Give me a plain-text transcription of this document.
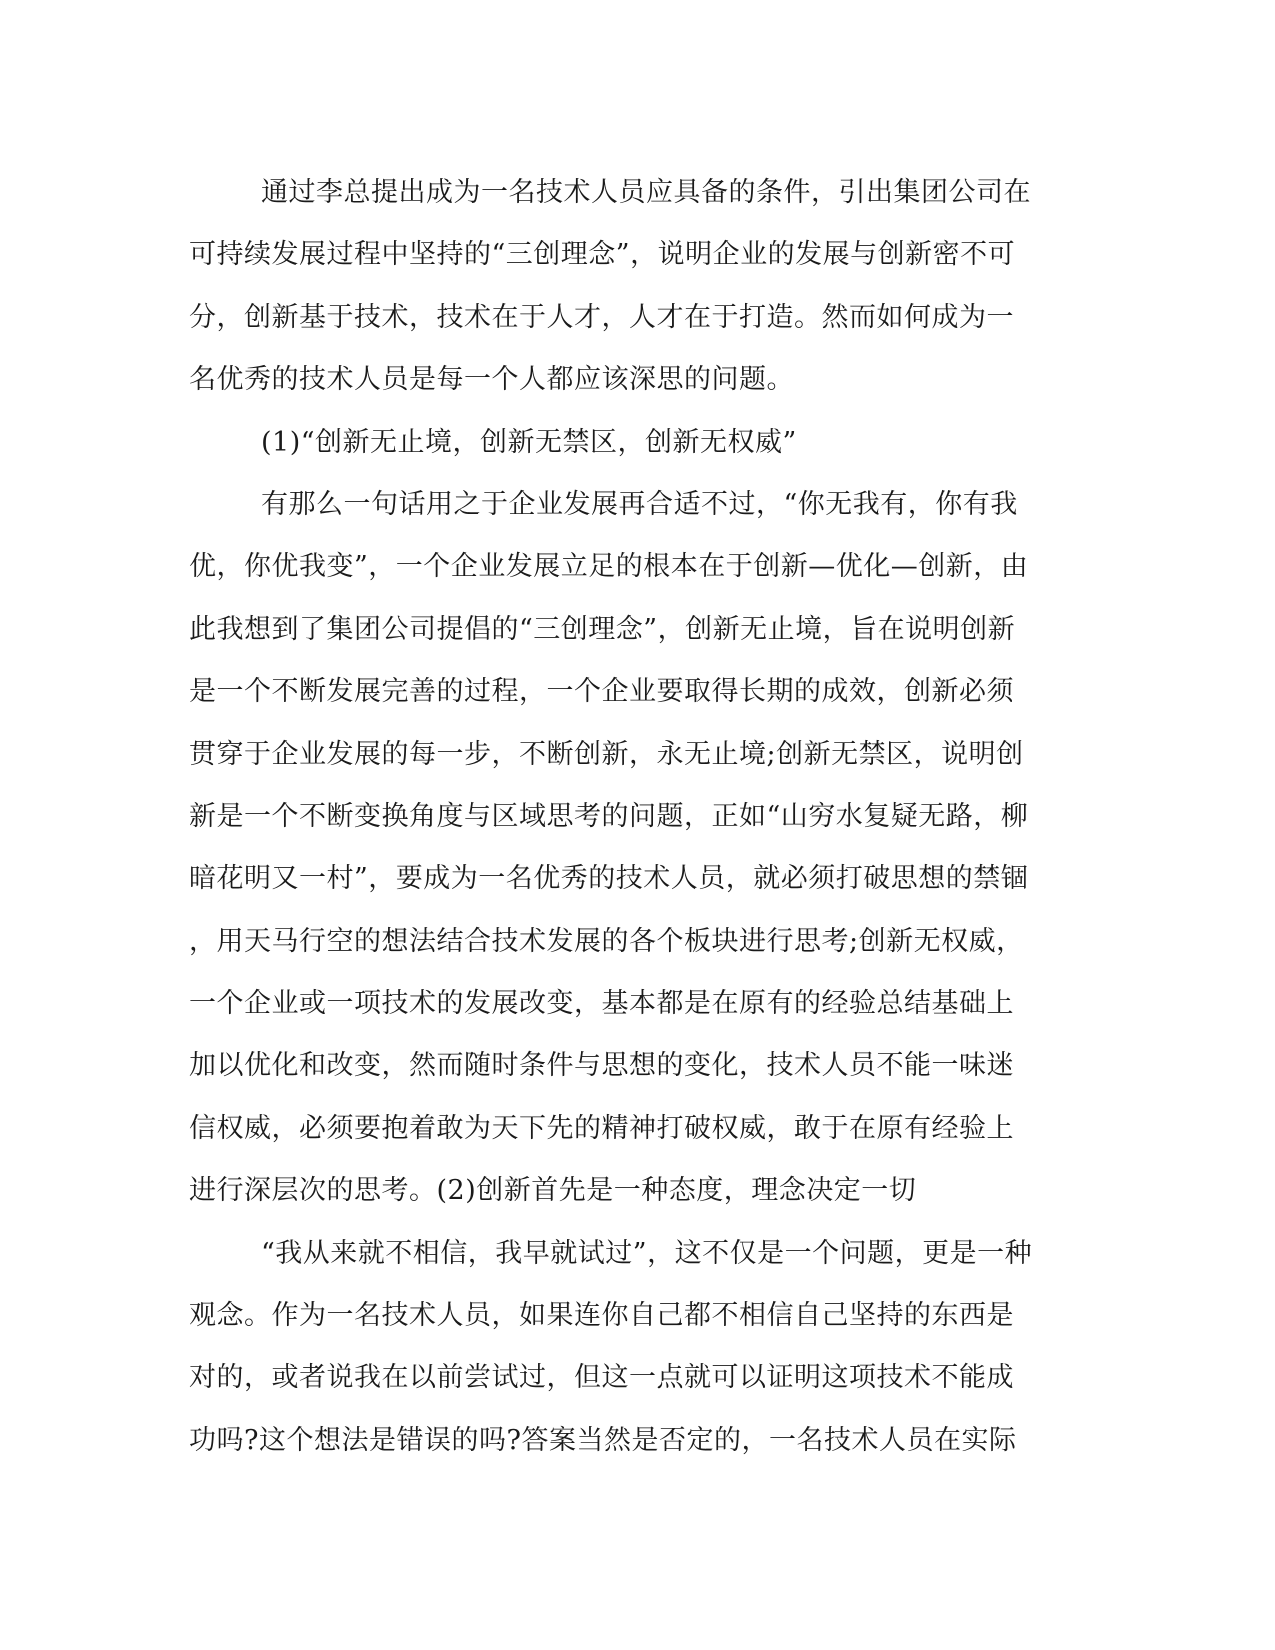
通过李总提出成为一名技术人员应具备的条件，引出集团公司在
可持续发展过程中坚持的“三创理念”，说明企业的发展与创新密不可
分，创新基于技术，技术在于人才，人才在于打造。然而如何成为一
名优秀的技术人员是每一个人都应该深思的问题。
(1)“创新无止境，创新无禁区，创新无权威”
有那么一句话用之于企业发展再合适不过，“你无我有，你有我
优，你优我变”，一个企业发展立足的根本在于创新—优化—创新，由
此我想到了集团公司提倡的“三创理念”，创新无止境，旨在说明创新
是一个不断发展完善的过程，一个企业要取得长期的成效，创新必须
贯穿于企业发展的每一步，不断创新，永无止境;创新无禁区，说明创
新是一个不断变换角度与区域思考的问题，正如“山穷水复疑无路，柳
暗花明又一村”，要成为一名优秀的技术人员，就必须打破思想的禁锢
，用天马行空的想法结合技术发展的各个板块进行思考;创新无权威，
一个企业或一项技术的发展改变，基本都是在原有的经验总结基础上
加以优化和改变，然而随时条件与思想的变化，技术人员不能一味迷
信权威，必须要抱着敢为天下先的精神打破权威，敢于在原有经验上
进行深层次的思考。(2)创新首先是一种态度，理念决定一切
“我从来就不相信，我早就试过”，这不仅是一个问题，更是一种
观念。作为一名技术人员，如果连你自己都不相信自己坚持的东西是
对的，或者说我在以前尝试过，但这一点就可以证明这项技术不能成
功吗?这个想法是错误的吗?答案当然是否定的，一名技术人员在实际
